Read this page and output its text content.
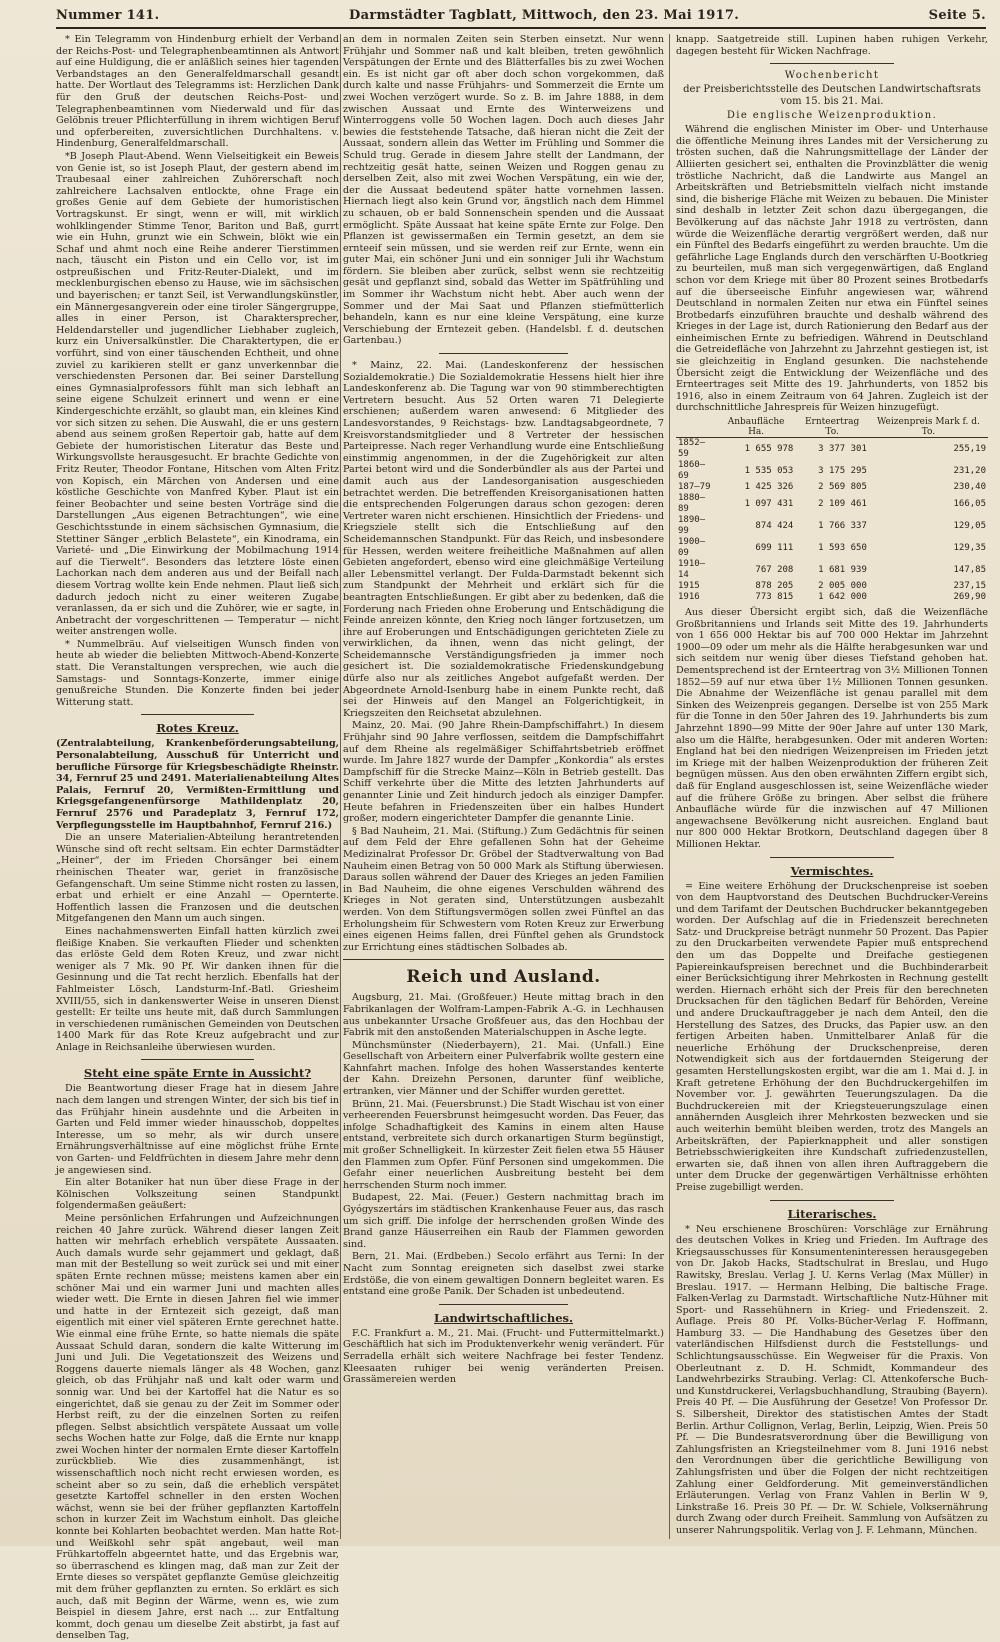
Nummer 141.	Darmstädter Tagblatt, Mittwoch, den 23. Mai 1917.	Seite 5.

* Ein Telegramm von Hindenburg erhielt der Verband der Reichs-Post- und Telegraphenbeamtinnen als Antwort auf eine Huldigung, die er anläßlich seines hier tagenden Verbandstages an den Generalfeldmarschall gesandt hatte. Der Wortlaut des Telegramms ist: Herzlichen Dank für den Gruß der deutschen Reichs-Post- und Telegraphenbeamtinnen vom Niederwald und für das Gelöbnis treuer Pflichterfüllung in ihrem wichtigen Beruf und opferbereiten, zuversichtlichen Durchhaltens. v. Hindenburg, Generalfeldmarschall.

*B Joseph Plaut-Abend. Wenn Vielseitigkeit ein Beweis von Genie ist, so ist Joseph Plaut, der gestern abend im Traubesaal einer zahlreichen Zuhörerschaft noch zahlreichere Lachsalven entlockte, ohne Frage ein großes Genie auf dem Gebiete der humoristischen Vortragskunst. Er singt, wenn er will, mit wirklich wohlklingender Stimme Tenor, Bariton und Baß, gurrt wie ein Huhn, grunzt wie ein Schwein, blökt wie ein Schaf und ahmt noch eine Reihe anderer Tierstimmen nach, täuscht ein Piston und ein Cello vor, ist im ostpreußischen und Fritz-Reuter-Dialekt, und im mecklenburgischen ebenso zu Hause, wie im sächsischen und bayerischen; er tanzt Seil, ist Verwandlungskünstler, ein Männergesangverein oder eine tiroler Sängergruppe, alles in einer Person, ist Charaktersprecher, Heldendarsteller und jugendlicher Liebhaber zugleich, kurz ein Universalkünstler. Die Charaktertypen, die er vorführt, sind von einer täuschenden Echtheit, und ohne zuviel zu karikieren stellt er ganz unverkennbar die verschiedensten Personen dar. Bei seiner Darstellung eines Gymnasialprofessors fühlt man sich lebhaft an seine eigene Schulzeit erinnert und wenn er eine Kindergeschichte erzählt, so glaubt man, ein kleines Kind vor sich sitzen zu sehen. Die Auswahl, die er uns gestern abend aus seinem großen Repertoir gab, hatte auf dem Gebiete der humoristischen Literatur das Beste und Wirkungsvollste herausgesucht. Er brachte Gedichte von Fritz Reuter, Theodor Fontane, Hitschen vom Alten Fritz von Kopisch, ein Märchen von Andersen und eine köstliche Geschichte von Manfred Kyber. Plaut ist ein feiner Beobachter und seine besten Vorträge sind die Darstellungen „Aus eigenen Betrachtungen“, wie eine Geschichtsstunde in einem sächsischen Gymnasium, die Stettiner Sänger „erblich Belastete“, ein Kinodrama, ein Varieté- und „Die Einwirkung der Mobilmachung 1914 auf die Tierwelt“. Besonders das letztere löste einen Lachorkan nach dem anderen aus und der Beifall nach diesem Vortrag wollte kein Ende nehmen. Plaut ließ sich dadurch jedoch nicht zu einer weiteren Zugabe veranlassen, da er sich und die Zuhörer, wie er sagte, in Anbetracht der vorgeschrittenen — Temperatur — nicht weiter anstrengen wolle.

* Nummelbräu. Auf vielseitigen Wunsch finden von heute ab wieder die beliebten Mittwoch-Abend-Konzerte statt. Die Veranstaltungen versprechen, wie auch die Samstags- und Sonntags-Konzerte, immer einige genußreiche Stunden. Die Konzerte finden bei jeder Witterung statt.

Rotes Kreuz.

(Zentralabteilung, Krankenbeförderungsabteilung, Personalabteilung, Ausschuß für Unterricht und berufliche Fürsorge für Kriegsbeschädigte Rheinstr. 34, Fernruf 25 und 2491. Materialienabteilung Altes Palais, Fernruf 20, Vermißten-Ermittlung und Kriegsgefangenenfürsorge Mathildenplatz 20, Fernruf 2576 und Paradeplatz 3, Fernruf 172, Verpflegungsstelle im Hauptbahnhof, Fernruf 216.)

Die an unsere Materialien-Abteilung herantretenden Wünsche sind oft recht seltsam. Ein echter Darmstädter „Heiner“, der im Frieden Chorsänger bei einem rheinischen Theater war, geriet in französische Gefangenschaft. Um seine Stimme nicht rosten zu lassen, erbat und erhielt er eine Anzahl — Opernterte. Hoffentlich lassen die Franzosen und die deutschen Mitgefangenen den Mann um auch singen.

Eines nachahmenswerten Einfall hatten kürzlich zwei fleißige Knaben. Sie verkauften Flieder und schenkten das erlöste Geld dem Roten Kreuz, und zwar nicht weniger als 7 Mk. 90 Pf. Wir danken ihnen für die Gesinnung und die Tat recht herzlich. Ebenfalls hat der Fahlmeister Lösch, Landsturm-Inf.-Batl. Griesheim XVIII/55, sich in dankenswerter Weise in unseren Dienst gestellt: Er teilte uns heute mit, daß durch Sammlungen in verschiedenen rumänischen Gemeinden von Deutschen 1400 Mark für das Rote Kreuz aufgebracht und zur Anlage in Reichsanleihe überwiesen wurden.

Steht eine späte Ernte in Aussicht?

Die Beantwortung dieser Frage hat in diesem Jahre nach dem langen und strengen Winter, der sich bis tief in das Frühjahr hinein ausdehnte und die Arbeiten in Garten und Feld immer wieder hinausschob, doppeltes Interesse, um so mehr, als wir durch unsere Ernährungsverhältnisse auf eine möglichst frühe Ernte von Garten- und Feldfrüchten in diesem Jahre mehr denn je angewiesen sind.

Ein alter Botaniker hat nun über diese Frage in der Kölnischen Volkszeitung seinen Standpunkt folgendermaßen geäußert:

Meine persönlichen Erfahrungen und Aufzeichnungen reichen 40 Jahre zurück. Während dieser langen Zeit hatten wir mehrfach erheblich verspätete Aussaaten. Auch damals wurde sehr gejammert und geklagt, daß man mit der Bestellung so weit zurück sei und mit einer späten Ernte rechnen müsse; meistens kamen aber ein schöner Mai und ein warmer Juni und machten alles wieder wett. Die Ernte in diesen Jahren fiel wie immer und hatte in der Erntezeit sich gezeigt, daß man eigentlich mit einer viel späteren Ernte gerechnet hatte. Wie einmal eine frühe Ernte, so hatte niemals die späte Aussaat Schuld daran, sondern die kalte Witterung im Juni und Juli. Die Vegetationszeit des Weizens und Roggens dauerte niemals länger als 48 Wochen, ganz gleich, ob das Frühjahr naß und kalt oder warm und sonnig war. Und bei der Kartoffel hat die Natur es so eingerichtet, daß sie genau zu der Zeit im Sommer oder Herbst reift, zu der die einzelnen Sorten zu reifen pflegen. Selbst absichtlich verspätete Aussaat um volle sechs Wochen hatte zur Folge, daß die Ernte nur knapp zwei Wochen hinter der normalen Ernte dieser Kartoffeln zurückblieb. Wie dies zusammenhängt, ist wissenschaftlich noch nicht recht erwiesen worden, es scheint aber so zu sein, daß die erheblich verspätet gesetzte Kartoffel schneller in den ersten Wochen wächst, wenn sie bei der früher gepflanzten Kartoffeln schon in kurzer Zeit im Wachstum einholt. Das gleiche konnte bei Kohlarten beobachtet werden. Man hatte Rot- und Weißkohl sehr spät angebaut, weil man Frühkartoffeln abgeerntet hatte, und das Ergebnis war, so überraschend es klingen mag, daß man zur Zeit der Ernte dieses so verspätet gepflanzte Gemüse gleichzeitig mit dem früher gepflanzten zu ernten. So erklärt es sich auch, daß mit Beginn der Wärme, wenn es, wie zum Beispiel in diesem Jahre, erst nach ... zur Entfaltung kommt, doch genau um dieselbe Zeit abstirbt, ja fast auf denselben Tag,

an dem in normalen Zeiten sein Sterben einsetzt. Nur wenn Frühjahr und Sommer naß und kalt bleiben, treten gewöhnlich Verspätungen der Ernte und des Blätterfalles bis zu zwei Wochen ein. Es ist nicht gar oft aber doch schon vorgekommen, daß durch kalte und nasse Frühjahrs- und Sommerzeit die Ernte um zwei Wochen verzögert wurde. So z. B. im Jahre 1888, in dem zwischen Aussaat und Ernte des Winterweizens und Winterroggens volle 50 Wochen lagen. Doch auch dieses Jahr bewies die feststehende Tatsache, daß hieran nicht die Zeit der Aussaat, sondern allein das Wetter im Frühling und Sommer die Schuld trug. Gerade in diesem Jahre stellt der Landmann, der rechtzeitig gesät hatte, seinen Weizen und Roggen genau zu derselben Zeit, also mit zwei Wochen Verspätung, ein wie der, der die Aussaat bedeutend später hatte vornehmen lassen. Hiernach liegt also kein Grund vor, ängstlich nach dem Himmel zu schauen, ob er bald Sonnenschein spenden und die Aussaat ermöglicht. Späte Aussaat hat keine späte Ernte zur Folge. Den Pflanzen ist gewissermaßen ein Termin gesetzt, an dem sie ernteeif sein müssen, und sie werden reif zur Ernte, wenn ein guter Mai, ein schöner Juni und ein sonniger Juli ihr Wachstum fördern. Sie bleiben aber zurück, selbst wenn sie rechtzeitig gesät und gepflanzt sind, sobald das Wetter im Spätfrühling und im Sommer ihr Wachstum nicht hebt. Aber auch wenn der Sommer und der Mai Saat und Pflanzen stiefmütterlich behandeln, kann es nur eine kleine Verspätung, eine kurze Verschiebung der Erntezeit geben. (Handelsbl. f. d. deutschen Gartenbau.)

* Mainz, 22. Mai. (Landeskonferenz der hessischen Sozialdemokratie.) Die Sozialdemokratie Hessens hielt hier ihre Landeskonferenz ab. Die Tagung war von 90 stimmberechtigten Vertretern besucht. Aus 52 Orten waren 71 Delegierte erschienen; außerdem waren anwesend: 6 Mitglieder des Landesvorstandes, 9 Reichstags- bzw. Landtagsabgeordnete, 7 Kreisvorstandsmitglieder und 8 Vertreter der hessischen Parteipresse. Nach reger Verhandlung wurde eine Entschließung einstimmig angenommen, in der die Zugehörigkeit zur alten Partei betont wird und die Sonderbündler als aus der Partei und damit auch aus der Landesorganisation ausgeschieden betrachtet werden. Die betreffenden Kreisorganisationen hatten die entsprechenden Folgerungen daraus schon gezogen: deren Vertreter waren nicht erschienen. Hinsichtlich der Friedens- und Kriegsziele stellt sich die Entschließung auf den Scheidemannschen Standpunkt. Für das Reich, und insbesondere für Hessen, werden weitere freiheitliche Maßnahmen auf allen Gebieten angefordert, ebenso wird eine gleichmäßige Verteilung aller Lebensmittel verlangt. Der Fulda-Darmstadt bekennt sich zum Standpunkt der Mehrheit und erklärt sich für die beantragten Entschließungen. Er gibt aber zu bedenken, daß die Forderung nach Frieden ohne Eroberung und Entschädigung die Feinde anreizen könnte, den Krieg noch länger fortzusetzen, um ihre auf Eroberungen und Entschädigungen gerichteten Ziele zu verwirklichen, da ihnen, wenn das nicht gelingt, der Scheidemannsche Verständigungsfrieden ja immer noch gesichert ist. Die sozialdemokratische Friedenskundgebung dürfe also nur als zeitliches Angebot aufgefaßt werden. Der Abgeordnete Arnold-Isenburg habe in einem Punkte recht, daß sei der Hinweis auf den Mangel an Folgerichtigkeit, in Kriegszeiten den Reichsetat abzulehnen.

Mainz, 20. Mai. (90 Jahre Rhein-Dampfschiffahrt.) In diesem Frühjahr sind 90 Jahre verflossen, seitdem die Dampfschiffahrt auf dem Rheine als regelmäßiger Schiffahrtsbetrieb eröffnet wurde. Im Jahre 1827 wurde der Dampfer „Konkordia“ als erstes Dampfschiff für die Strecke Mainz—Köln in Betrieb gestellt. Das Schiff verkehrte über die Mitte des letzten Jahrhunderts auf genannter Linie und Zeit hindurch jedoch als einziger Dampfer. Heute befahren in Friedenszeiten über ein halbes Hundert großer, modern eingerichteter Dampfer die genannte Linie.

§ Bad Nauheim, 21. Mai. (Stiftung.) Zum Gedächtnis für seinen auf dem Feld der Ehre gefallenen Sohn hat der Geheime Medizinalrat Professor Dr. Gröbel der Stadtverwaltung von Bad Nauheim einen Betrag von 50 000 Mark als Stiftung überwiesen. Daraus sollen während der Dauer des Krieges an jeden Familien in Bad Nauheim, die ohne eigenes Verschulden während des Krieges in Not geraten sind, Unterstützungen ausbezahlt werden. Von dem Stiftungsvermögen sollen zwei Fünftel an das Erholungsheim für Schwestern vom Roten Kreuz zur Erwerbung eines eigenen Heims fallen, drei Fünftel gehen als Grundstock zur Errichtung eines städtischen Solbades ab.

Reich und Ausland.

Augsburg, 21. Mai. (Großfeuer.) Heute mittag brach in den Fabrikanlagen der Wolfram-Lampen-Fabrik A.-G. in Lechhausen aus unbekannter Ursache Großfeuer aus, das den Hochbau der Fabrik mit den anstoßenden Materialschuppen in Asche legte.

Münchsmünster (Niederbayern), 21. Mai. (Unfall.) Eine Gesellschaft von Arbeitern einer Pulverfabrik wollte gestern eine Kahnfahrt machen. Infolge des hohen Wasserstandes kenterte der Kahn. Dreizehn Personen, darunter fünf weibliche, ertranken, vier Männer und der Schiffer wurden gerettet.

Brünn, 21. Mai. (Feuersbrunst.) Die Stadt Wischau ist von einer verheerenden Feuersbrunst heimgesucht worden. Das Feuer, das infolge Schadhaftigkeit des Kamins in einem alten Hause entstand, verbreitete sich durch orkanartigen Sturm begünstigt, mit großer Schnelligkeit. In kürzester Zeit fielen etwa 55 Häuser den Flammen zum Opfer. Fünf Personen sind umgekommen. Die Gefahr einer neuerlichen Ausbreitung besteht bei dem herrschenden Sturm noch immer.

Budapest, 22. Mai. (Feuer.) Gestern nachmittag brach im Gyógyszertárs im städtischen Krankenhause Feuer aus, das rasch um sich griff. Die infolge der herrschenden großen Winde des Brand ganze Häuserreihen ein Raub der Flammen geworden sind.

Bern, 21. Mai. (Erdbeben.) Secolo erfährt aus Terni: In der Nacht zum Sonntag ereigneten sich daselbst zwei starke Erdstöße, die von einem gewaltigen Donnern begleitet waren. Es entstand eine große Panik. Der Schaden ist unbedeutend.

Landwirtschaftliches.

F.C. Frankfurt a. M., 21. Mai. (Frucht- und Futtermittelmarkt.) Geschäftlich hat sich im Produktenverkehr wenig verändert. Für Serradella erhält sich weitere Nachfrage bei fester Tendenz. Kleesaaten ruhiger bei wenig veränderten Preisen. Grassämereien werden

knapp. Saatgetreide still. Lupinen haben ruhigen Verkehr, dagegen besteht für Wicken Nachfrage.

Wochenbericht
der Preisberichtsstelle des Deutschen Landwirtschaftsrats vom 15. bis 21. Mai.
Die englische Weizenproduktion.

Während die englischen Minister im Ober- und Unterhause die öffentliche Meinung ihres Landes mit der Versicherung zu trösten suchen, daß die Nahrungsmittellage der Länder der Alliierten gesichert sei, enthalten die Provinzblätter die wenig tröstliche Nachricht, daß die Landwirte aus Mangel an Arbeitskräften und Betriebsmitteln vielfach nicht imstande sind, die bisherige Fläche mit Weizen zu bebauen. Die Minister sind deshalb in letzter Zeit schon dazu übergegangen, die Bevölkerung auf das nächste Jahr 1918 zu vertrösten, dann würde die Weizenfläche derartig vergrößert werden, daß nur ein Fünftel des Bedarfs eingeführt zu werden brauchte. Um die gefährliche Lage Englands durch den verschärften U-Bootkrieg zu beurteilen, muß man sich vergegenwärtigen, daß England schon vor dem Kriege mit über 80 Prozent seines Brotbedarfs auf die überseeische Einfuhr angewiesen war, während Deutschland in normalen Zeiten nur etwa ein Fünftel seines Brotbedarfs einzuführen brauchte und deshalb während des Krieges in der Lage ist, durch Rationierung den Bedarf aus der einheimischen Ernte zu befriedigen. Während in Deutschland die Getreidefläche von Jahrzehnt zu Jahrzehnt gestiegen ist, ist sie gleichzeitig in England gesunken. Die nachstehende Übersicht zeigt die Entwicklung der Weizenfläche und des Ernteertrages seit Mitte des 19. Jahrhunderts, von 1852 bis 1916, also in einem Zeitraum von 64 Jahren. Zugleich ist der durchschnittliche Jahrespreis für Weizen hinzugefügt.

	Anbaufläche Ha.	Ernteertrag To.	Weizenpreis Mark f. d. To.
1852—59	1 655 978	3 377 301	255,19
1860—69	1 535 053	3 175 295	231,20
187—79	1 425 326	2 569 805	230,40
1880—89	1 097 431	2 109 461	166,05
1890—99	874 424	1 766 337	129,05
1900—09	699 111	1 593 650	129,35
1910—14	767 208	1 681 939	147,85
1915	878 205	2 005 000	237,15
1916	773 815	1 642 000	269,90

Aus dieser Übersicht ergibt sich, daß die Weizenfläche Großbritanniens und Irlands seit Mitte des 19. Jahrhunderts von 1 656 000 Hektar bis auf 700 000 Hektar im Jahrzehnt 1900—09 oder um mehr als die Hälfte herabgesunken war und sich seitdem nur wenig über dieses Tiefstand gehoben hat. Dementsprechend ist der Ernteertrag von 3½ Millionen Tonnen 1852—59 auf nur etwa über 1½ Millionen Tonnen gesunken. Die Abnahme der Weizenfläche ist genau parallel mit dem Sinken des Weizenpreis gegangen. Derselbe ist von 255 Mark für die Tonne in den 50er Jahren des 19. Jahrhunderts bis zum Jahrzehnt 1890—99 Mitte der 90er Jahre auf unter 130 Mark, also um die Hälfte, herabgesunken. Oder mit anderen Worten: England hat bei den niedrigen Weizenpreisen im Frieden jetzt im Kriege mit der halben Weizenproduktion der früheren Zeit begnügen müssen. Aus den oben erwähnten Ziffern ergibt sich, daß für England ausgeschlossen ist, seine Weizenfläche wieder auf die frühere Größe zu bringen. Aber selbst die frühere Anbaufläche würde für die inzwischen auf 47 Millionen angewachsene Bevölkerung nicht ausreichen. England baut nur 800 000 Hektar Brotkorn, Deutschland dagegen über 8 Millionen Hektar.

Vermischtes.

= Eine weitere Erhöhung der Druckschenpreise ist soeben von dem Hauptvorstand des Deutschen Buchdrucker-Vereins und dem Tarifamt der Deutschen Buchdrucker bekanntgegeben worden. Der Aufschlag auf die in Friedenszeit berechneten Satz- und Druckpreise beträgt nunmehr 50 Prozent. Das Papier zu den Druckarbeiten verwendete Papier muß entsprechend den um das Doppelte und Dreifache gestiegenen Papiereinkaufspreisen berechnet und die Buchbinderarbeit einer Berücksichtigung ihrer Mehrkosten in Rechnung gestellt werden. Hiernach erhöht sich der Preis für den berechneten Drucksachen für den täglichen Bedarf für Behörden, Vereine und andere Druckauftraggeber je nach dem Anteil, den die Herstellung des Satzes, des Drucks, das Papier usw. an den fertigen Arbeiten haben. Unmittelbarer Anlaß für die neuerliche Erhöhung der Druckschenpreise, deren Notwendigkeit sich aus der fortdauernden Steigerung der gesamten Herstellungskosten ergibt, war die am 1. Mai d. J. in Kraft getretene Erhöhung der den Buchdruckergehilfen im November vor. J. gewährten Teuerungszulagen. Da die Buchdruckereien mit der Kriegsteuerungszulage einen annähernden Ausgleich ihrer Mehrkosten bezwecken und sie auch weiterhin bemüht bleiben werden, trotz des Mangels an Arbeitskräften, der Papierknappheit und aller sonstigen Betriebsschwierigkeiten ihre Kundschaft zufriedenzustellen, erwarten sie, daß ihnen von allen ihren Auftraggebern die unter dem Drucke der gegenwärtigen Verhältnisse erhöhten Preise zugebilligt werden.

Literarisches.

* Neu erschienene Broschüren: Vorschläge zur Ernährung des deutschen Volkes in Krieg und Frieden. Im Auftrage des Kriegsausschusses für Konsumenteninteressen herausgegeben von Dr. Jakob Hacks, Stadtschulrat in Breslau, und Hugo Rawitsky, Breslau. Verlag J. U. Kerns Verlag (Max Müller) in Breslau. 1917. — Hermann Helbing, Die baltische Frage. Falken-Verlag zu Darmstadt. Wirtschaftliche Nutz-Hühner mit Sport- und Rassehühnern in Krieg- und Friedenszeit. 2. Auflage. Preis 80 Pf. Volks-Bücher-Verlag F. Hoffmann, Hamburg 33. — Die Handhabung des Gesetzes über den vaterländischen Hilfsdienst durch die Feststellungs- und Schlichtungsausschüsse. Ein Wegweiser für die Praxis. Von Oberleutnant z. D. H. Schmidt, Kommandeur des Landwehrbezirks Straubing. Verlag: Cl. Attenkofersche Buch- und Kunstdruckerei, Verlagsbuchhandlung, Straubing (Bayern). Preis 40 Pf. — Die Ausführung der Gesetze! Von Professor Dr. S. Silbersheit, Direktor des statistischen Amtes der Stadt Berlin. Arthur Collignon, Verlag, Berlin, Leipzig, Wien. Preis 50 Pf. — Die Bundesratsverordnung über die Bewilligung von Zahlungsfristen an Kriegsteilnehmer vom 8. Juni 1916 nebst den Verordnungen über die gerichtliche Bewilligung von Zahlungsfristen und über die Folgen der nicht rechtzeitigen Zahlung einer Geldforderung. Mit gemeinverständlichen Erläuterungen. Verlag von Franz Vahlen in Berlin W 9, Linkstraße 16. Preis 30 Pf. — Dr. W. Schiele, Volksernährung durch Zwang oder durch Freiheit. Sammlung von Aufsätzen zu unserer Nahrungspolitik. Verlag von J. F. Lehmann, München.
